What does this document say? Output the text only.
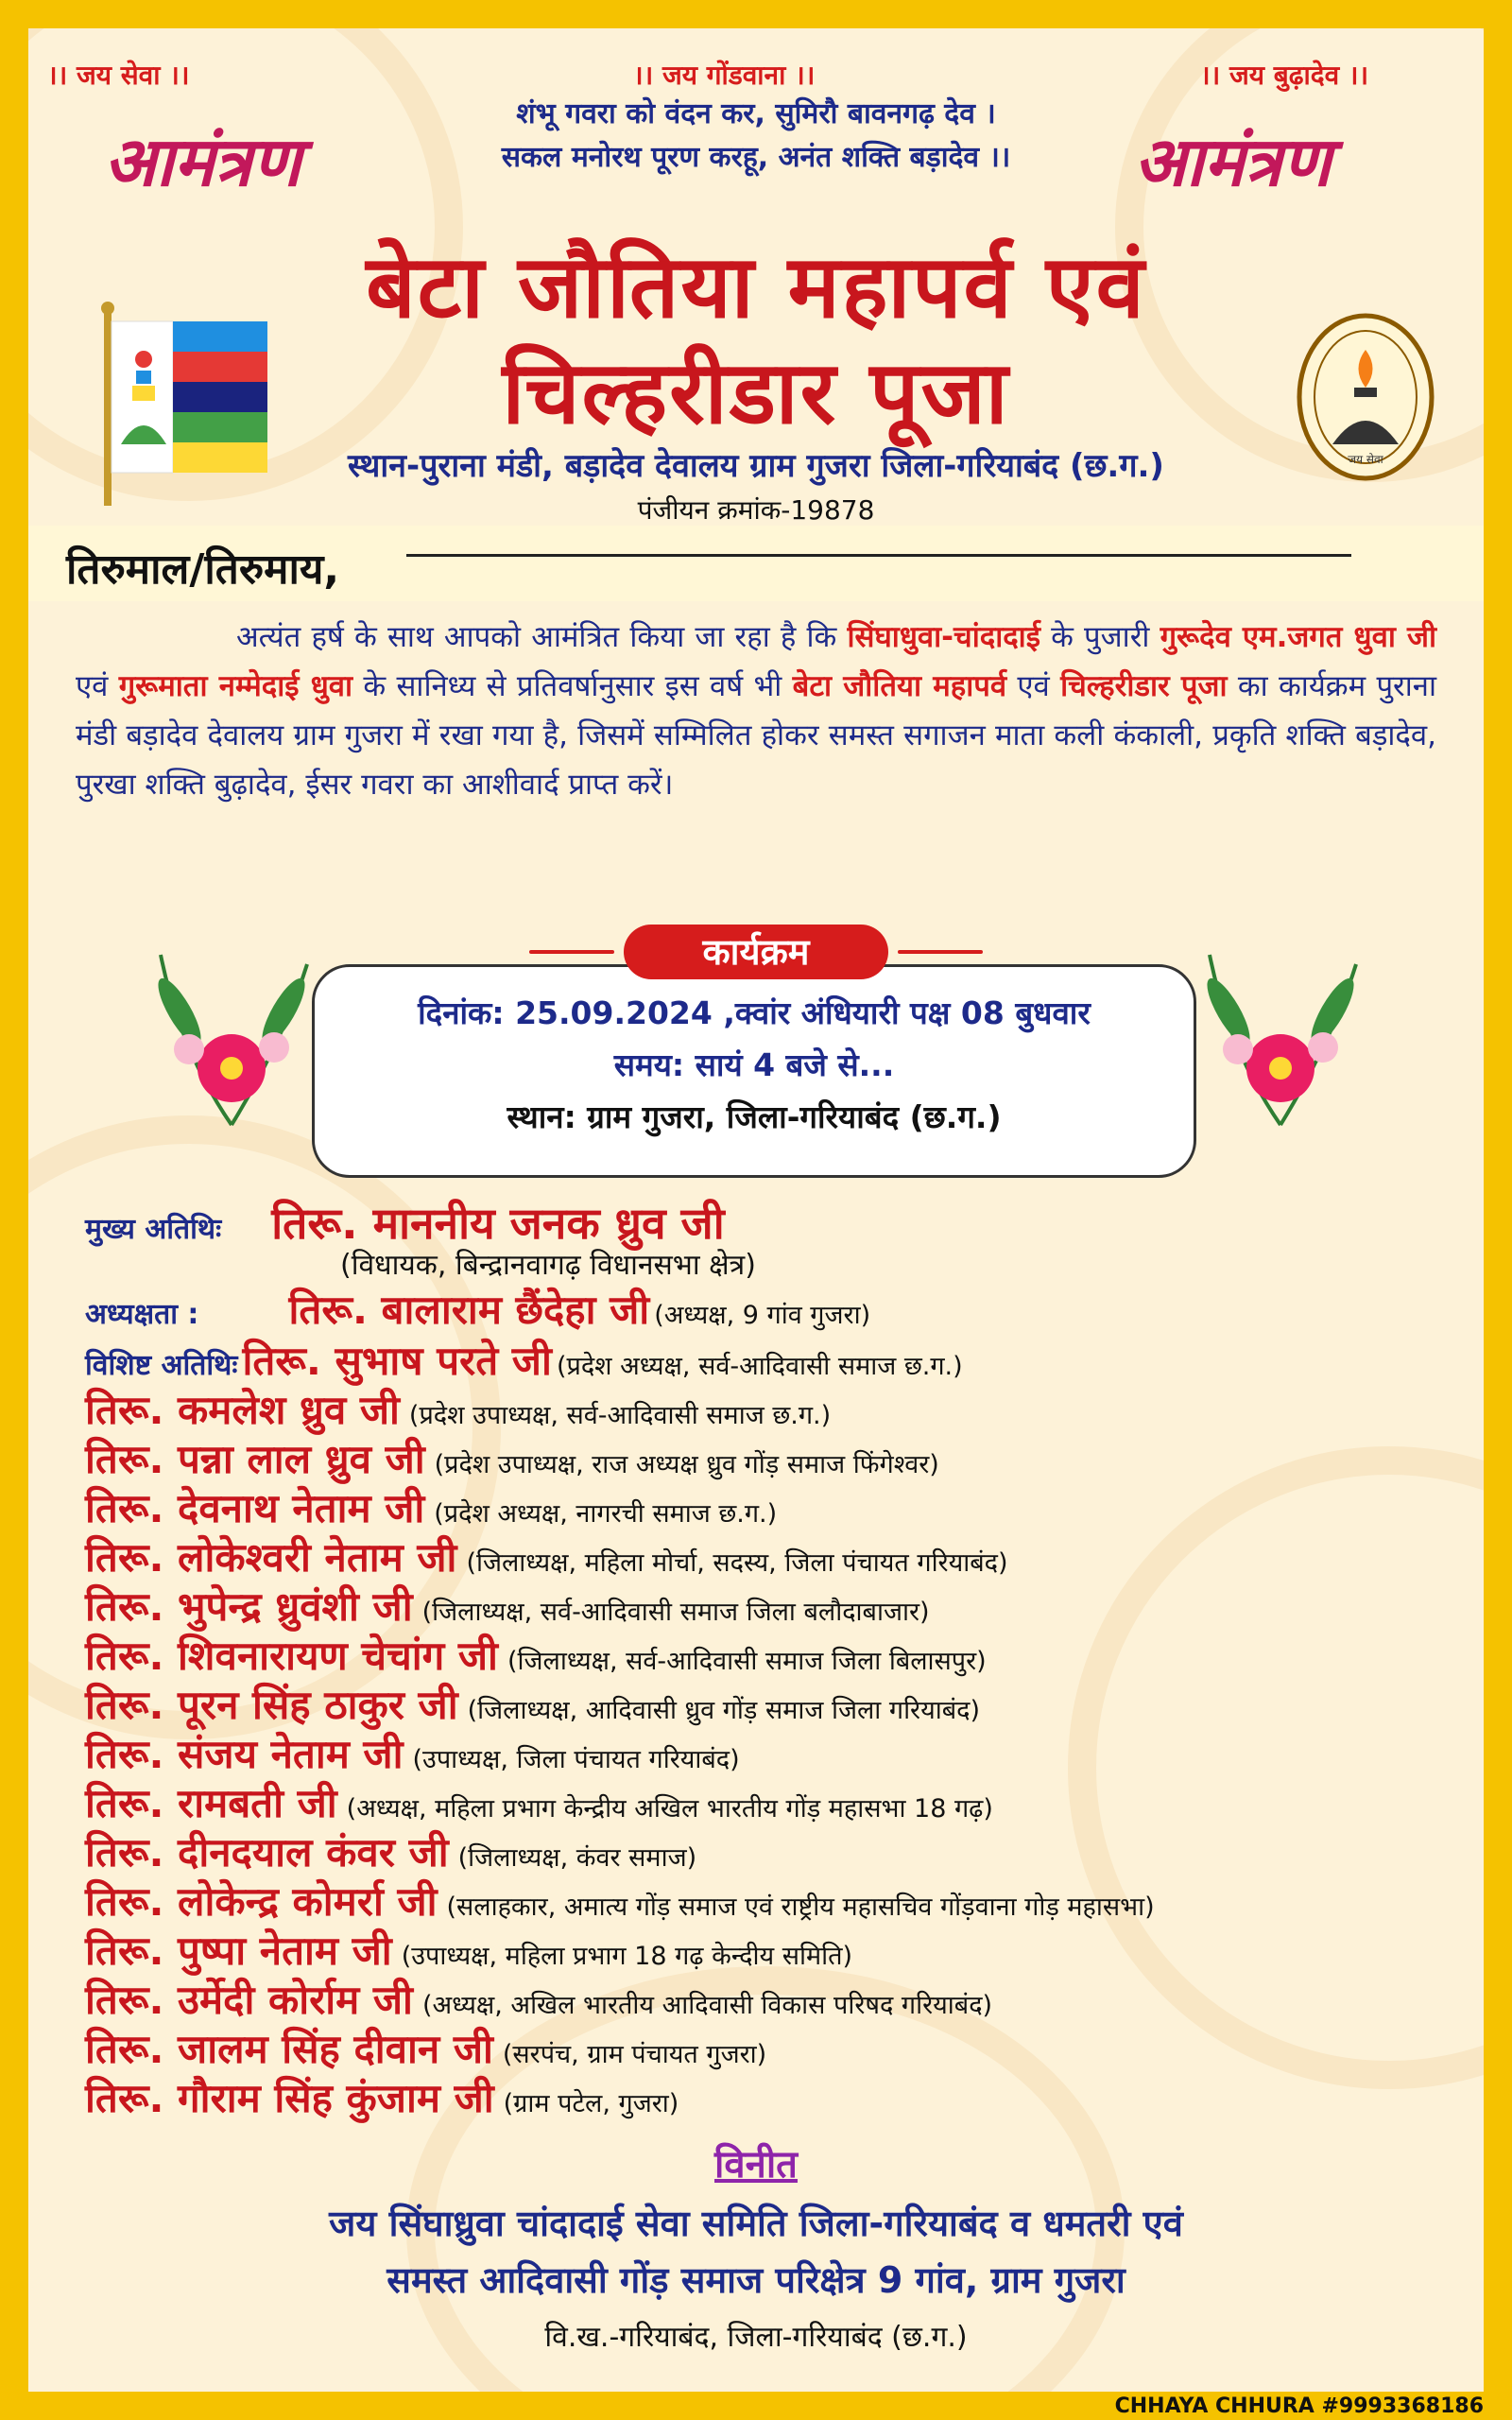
।। जय सेवा ।।	।। जय गोंडवाना ।।	।। जय बुढ़ादेव ।।
शंभू गवरा को वंदन कर, सुमिरौ बावनगढ़ देव ।
सकल मनोरथ पूरण करहू, अनंत शक्ति बड़ादेव ।।
आमंत्रण	आमंत्रण
बेटा जौतिया महापर्व एवं
चिल्हरीडार पूजा
जय सेवा
स्थान-पुराना मंडी, बड़ादेव देवालय ग्राम गुजरा जिला-गरियाबंद (छ.ग.)
पंजीयन क्रमांक-19878
तिरुमाल/तिरुमाय,
अत्यंत हर्ष के साथ आपको आमंत्रित किया जा रहा है कि सिंघाधुवा-चांदादाई के पुजारी गुरूदेव एम.जगत धुवा जी एवं गुरूमाता नम्मेदाई धुवा के सानिध्य से प्रतिवर्षानुसार इस वर्ष भी बेटा जौतिया महापर्व एवं चिल्हरीडार पूजा का कार्यक्रम पुराना मंडी बड़ादेव देवालय ग्राम गुजरा में रखा गया है, जिसमें सम्मिलित होकर समस्त सगाजन माता कली कंकाली, प्रकृति शक्ति बड़ादेव, पुरखा शक्ति बुढ़ादेव, ईसर गवरा का आशीवार्द प्राप्त करें।
दिनांक: 25.09.2024 ,क्वांर अंधियारी पक्ष 08 बुधवार
समय: सायं 4 बजे से...
स्थान: ग्राम गुजरा, जिला-गरियाबंद (छ.ग.)
कार्यक्रम
मुख्य अतिथिः तिरू. माननीय जनक ध्रुव जी
(विधायक, बिन्द्रानवागढ़ विधानसभा क्षेत्र)
अध्यक्षता : तिरू. बालाराम छैंदेहा जी (अध्यक्ष, 9 गांव गुजरा)
विशिष्ट अतिथिः तिरू. सुभाष परते जी (प्रदेश अध्यक्ष, सर्व-आदिवासी समाज छ.ग.)
तिरू. कमलेश ध्रुव जी (प्रदेश उपाध्यक्ष, सर्व-आदिवासी समाज छ.ग.)
तिरू. पन्ना लाल ध्रुव जी (प्रदेश उपाध्यक्ष, राज अध्यक्ष ध्रुव गोंड़ समाज फिंगेश्वर)
तिरू. देवनाथ नेताम जी (प्रदेश अध्यक्ष, नागरची समाज छ.ग.)
तिरू. लोकेश्वरी नेताम जी (जिलाध्यक्ष, महिला मोर्चा, सदस्य, जिला पंचायत गरियाबंद)
तिरू. भुपेन्द्र ध्रुवंशी जी (जिलाध्यक्ष, सर्व-आदिवासी समाज जिला बलौदाबाजार)
तिरू. शिवनारायण चेचांग जी (जिलाध्यक्ष, सर्व-आदिवासी समाज जिला बिलासपुर)
तिरू. पूरन सिंह ठाकुर जी (जिलाध्यक्ष, आदिवासी ध्रुव गोंड़ समाज जिला गरियाबंद)
तिरू. संजय नेताम जी (उपाध्यक्ष, जिला पंचायत गरियाबंद)
तिरू. रामबती जी (अध्यक्ष, महिला प्रभाग केन्द्रीय अखिल भारतीय गोंड़ महासभा 18 गढ़)
तिरू. दीनदयाल कंवर जी (जिलाध्यक्ष, कंवर समाज)
तिरू. लोकेन्द्र कोमर्रा जी (सलाहकार, अमात्य गोंड़ समाज एवं राष्ट्रीय महासचिव गोंड़वाना गोड़ महासभा)
तिरू. पुष्पा नेताम जी (उपाध्यक्ष, महिला प्रभाग 18 गढ़ केन्दीय समिति)
तिरू. उर्मेदी कोर्राम जी (अध्यक्ष, अखिल भारतीय आदिवासी विकास परिषद गरियाबंद)
तिरू. जालम सिंह दीवान जी (सरपंच, ग्राम पंचायत गुजरा)
तिरू. गौराम सिंह कुंजाम जी (ग्राम पटेल, गुजरा)
विनीत
जय सिंघाध्रुवा चांदादाई सेवा समिति जिला-गरियाबंद व धमतरी एवं
समस्त आदिवासी गोंड़ समाज परिक्षेत्र 9 गांव, ग्राम गुजरा
वि.ख.-गरियाबंद, जिला-गरियाबंद (छ.ग.)
CHHAYA CHHURA #9993368186
